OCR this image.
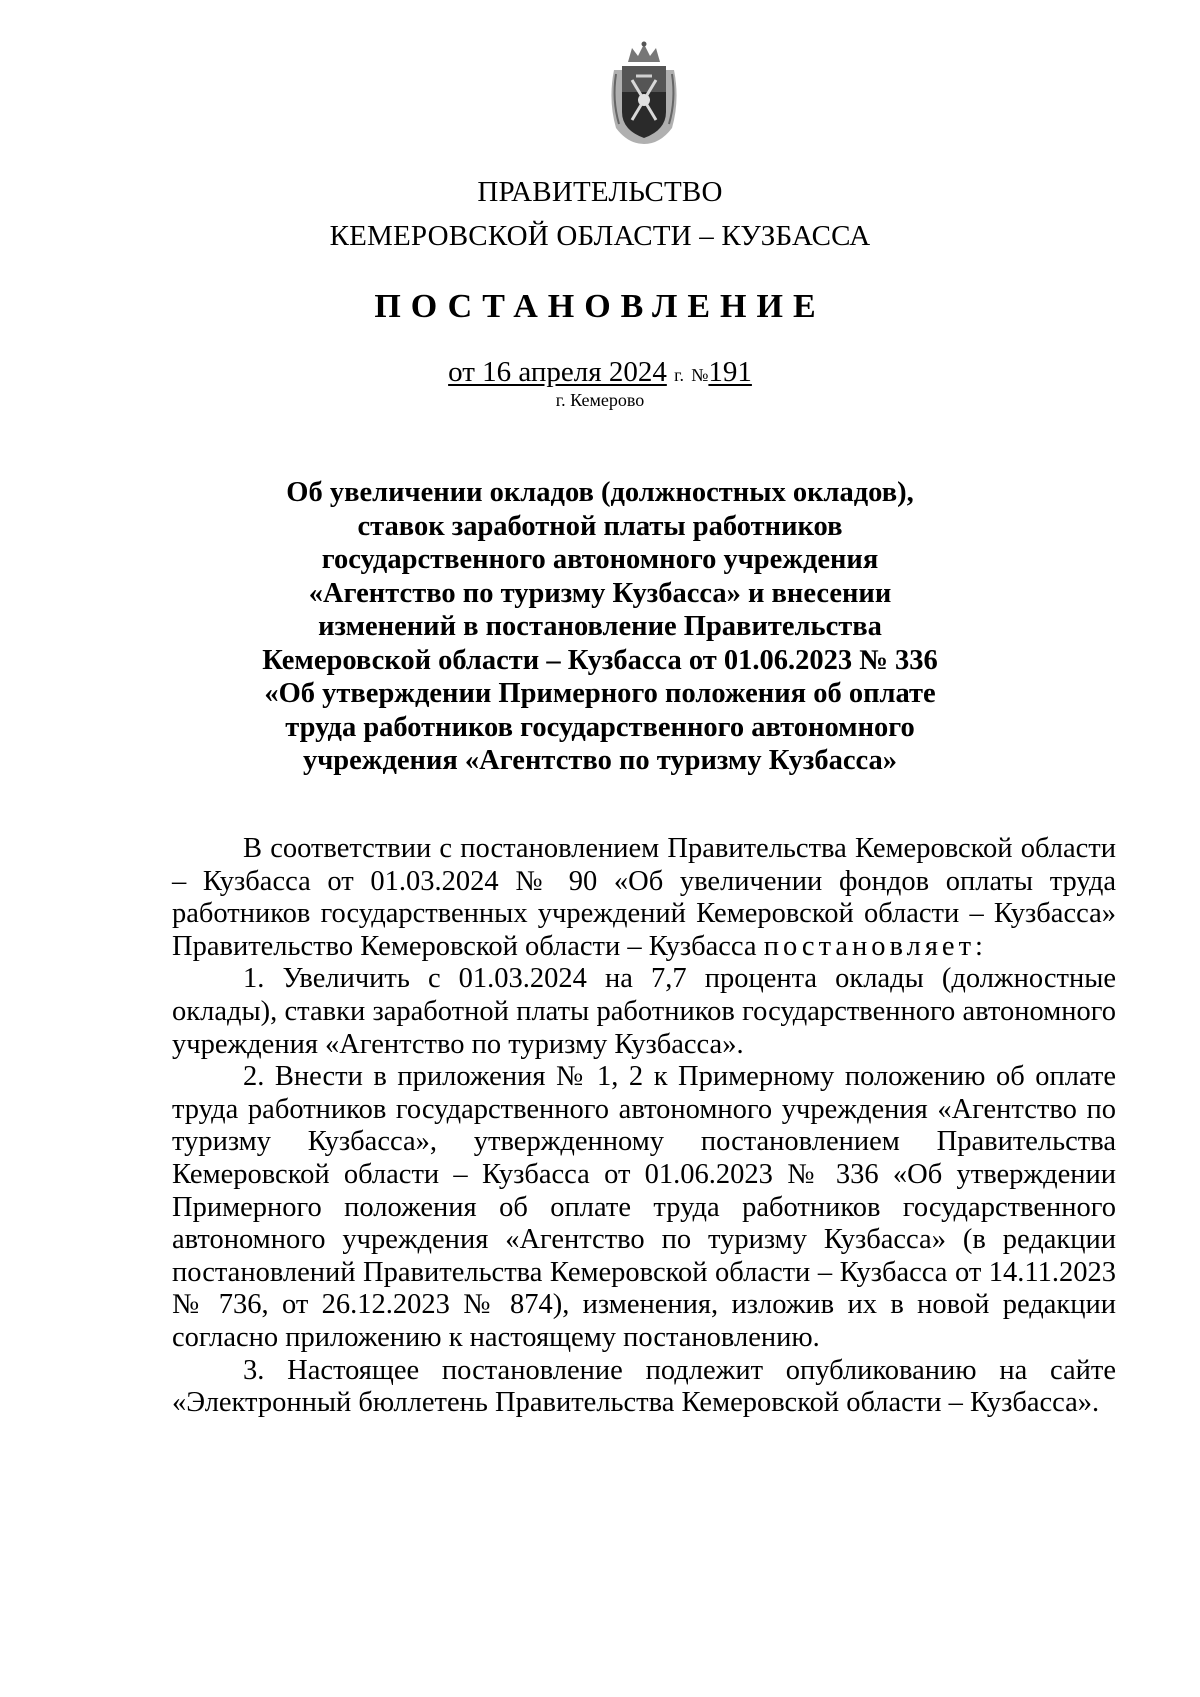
ПРАВИТЕЛЬСТВО
КЕМЕРОВСКОЙ ОБЛАСТИ – КУЗБАССА
ПОСТАНОВЛЕНИЕ
от 16 апреля 2024 г. №191
г. Кемерово
Об увеличении окладов (должностных окладов),
ставок заработной платы работников
государственного автономного учреждения
«Агентство по туризму Кузбасса» и внесении
изменений в постановление Правительства
Кемеровской области – Кузбасса от 01.06.2023 № 336
«Об утверждении Примерного положения об оплате
труда работников государственного автономного
учреждения «Агентство по туризму Кузбасса»

В соответствии с постановлением Правительства Кемеровской области – Кузбасса от 01.03.2024 № 90 «Об увеличении фондов оплаты труда работников государственных учреждений Кемеровской области – Кузбасса» Правительство Кемеровской области – Кузбасса постановляет:

1. Увеличить с 01.03.2024 на 7,7 процента оклады (должностные оклады), ставки заработной платы работников государственного автономного учреждения «Агентство по туризму Кузбасса».

2. Внести в приложения № 1, 2 к Примерному положению об оплате труда работников государственного автономного учреждения «Агентство по туризму Кузбасса», утвержденному постановлением Правительства Кемеровской области – Кузбасса от 01.06.2023 № 336 «Об утверждении Примерного положения об оплате труда работников государственного автономного учреждения «Агентство по туризму Кузбасса» (в редакции постановлений Правительства Кемеровской области – Кузбасса от 14.11.2023 № 736, от 26.12.2023 № 874), изменения, изложив их в новой редакции согласно приложению к настоящему постановлению.

3. Настоящее постановление подлежит опубликованию на сайте «Электронный бюллетень Правительства Кемеровской области – Кузбасса».
